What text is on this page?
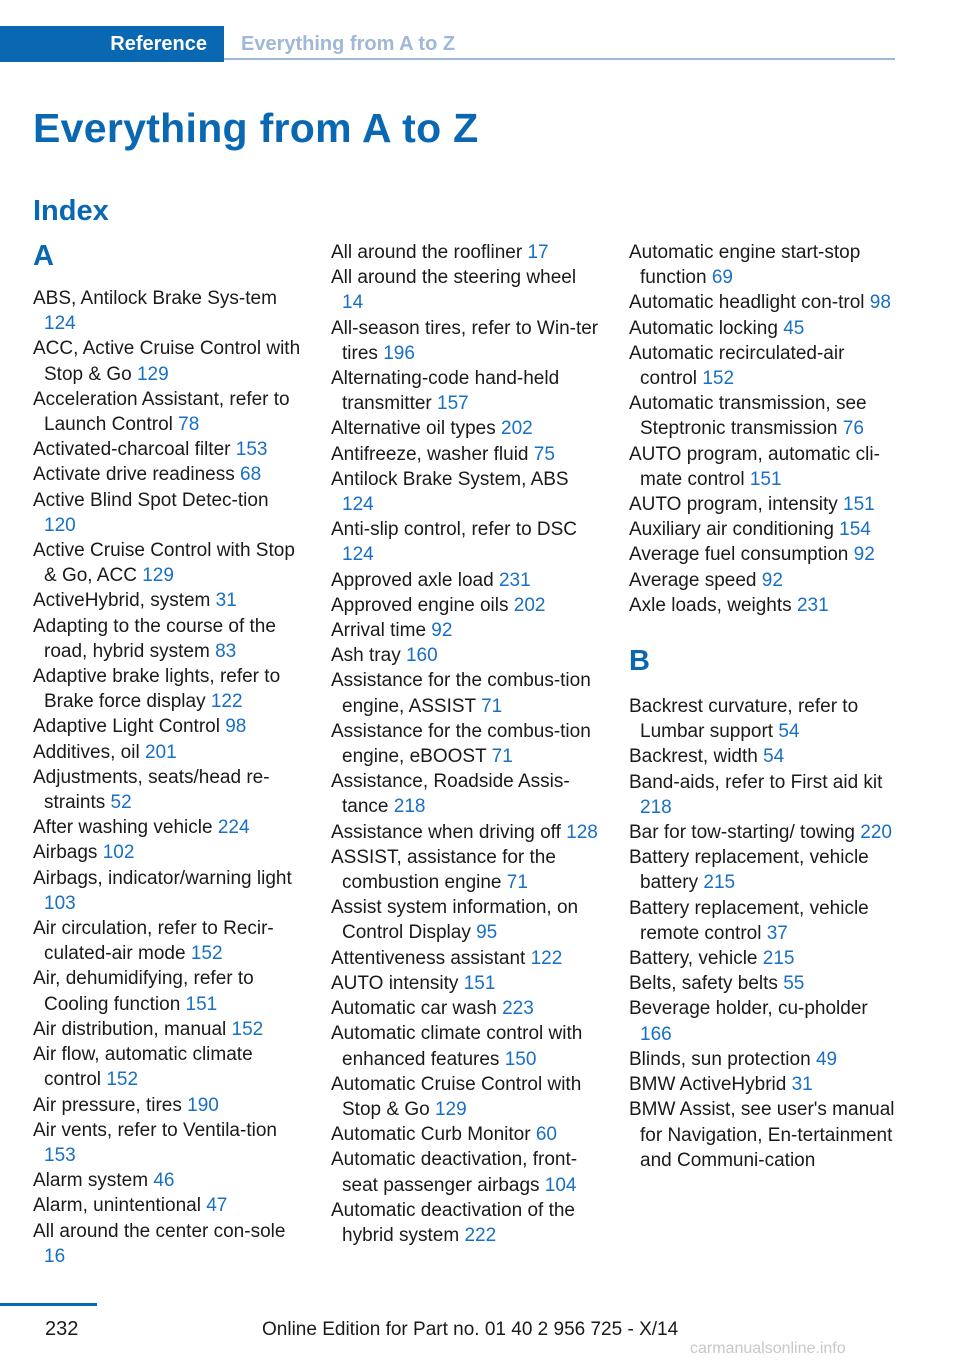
Reference	Everything from A to Z
Everything from A to Z
Index
A
ABS, Antilock Brake Sys‐tem 124
ACC, Active Cruise Control with Stop & Go 129
Acceleration Assistant, refer to Launch Control 78
Activated-charcoal filter 153
Activate drive readiness 68
Active Blind Spot Detec‐tion 120
Active Cruise Control with Stop & Go, ACC 129
ActiveHybrid, system 31
Adapting to the course of the road, hybrid system 83
Adaptive brake lights, refer to Brake force display 122
Adaptive Light Control 98
Additives, oil 201
Adjustments, seats/head re‐straints 52
After washing vehicle 224
Airbags 102
Airbags, indicator/warning light 103
Air circulation, refer to Recir‐culated-air mode 152
Air, dehumidifying, refer to Cooling function 151
Air distribution, manual 152
Air flow, automatic climate control 152
Air pressure, tires 190
Air vents, refer to Ventila‐tion 153
Alarm system 46
Alarm, unintentional 47
All around the center con‐sole 16
All around the roofliner 17
All around the steering wheel 14
All-season tires, refer to Win‐ter tires 196
Alternating-code hand-held transmitter 157
Alternative oil types 202
Antifreeze, washer fluid 75
Antilock Brake System, ABS 124
Anti-slip control, refer to DSC 124
Approved axle load 231
Approved engine oils 202
Arrival time 92
Ash tray 160
Assistance for the combus‐tion engine, ASSIST 71
Assistance for the combus‐tion engine, eBOOST 71
Assistance, Roadside Assis‐tance 218
Assistance when driving off 128
ASSIST, assistance for the combustion engine 71
Assist system information, on Control Display 95
Attentiveness assistant 122
AUTO intensity 151
Automatic car wash 223
Automatic climate control with enhanced features 150
Automatic Cruise Control with Stop & Go 129
Automatic Curb Monitor 60
Automatic deactivation, front-seat passenger airbags 104
Automatic deactivation of the hybrid system 222
Automatic engine start-stop function 69
Automatic headlight con‐trol 98
Automatic locking 45
Automatic recirculated-air control 152
Automatic transmission, see Steptronic transmission 76
AUTO program, automatic cli‐mate control 151
AUTO program, intensity 151
Auxiliary air conditioning 154
Average fuel consumption 92
Average speed 92
Axle loads, weights 231
B
Backrest curvature, refer to Lumbar support 54
Backrest, width 54
Band-aids, refer to First aid kit 218
Bar for tow-starting/ towing 220
Battery replacement, vehicle battery 215
Battery replacement, vehicle remote control 37
Battery, vehicle 215
Belts, safety belts 55
Beverage holder, cu‐pholder 166
Blinds, sun protection 49
BMW ActiveHybrid 31
BMW Assist, see user's manual for Navigation, En‐tertainment and Communi‐cation
232	Online Edition for Part no. 01 40 2 956 725 - X/14
carmanualsonline.info
